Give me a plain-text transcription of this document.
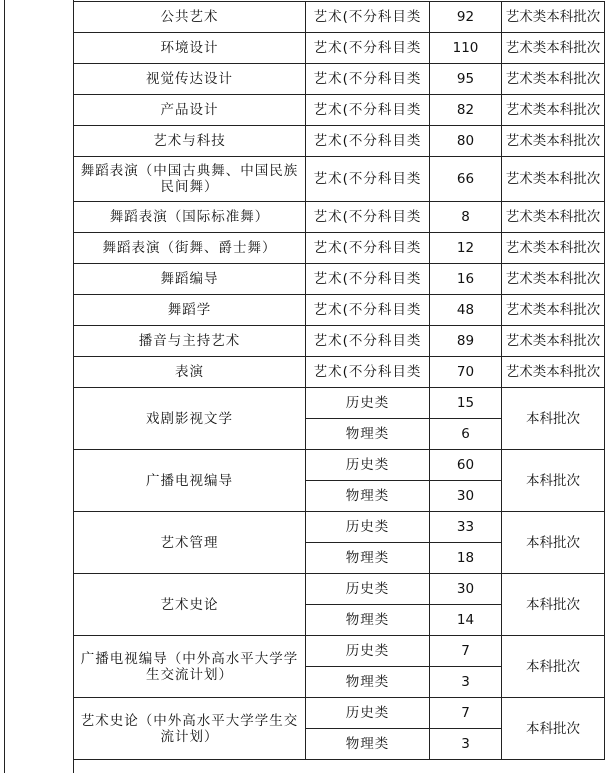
公共艺术	艺术(不分科目类	92	艺术类本科批次
环境设计	艺术(不分科目类	110	艺术类本科批次
视觉传达设计	艺术(不分科目类	95	艺术类本科批次
产品设计	艺术(不分科目类	82	艺术类本科批次
艺术与科技	艺术(不分科目类	80	艺术类本科批次
舞蹈表演（中国古典舞、中国民族民间舞）	艺术(不分科目类	66	艺术类本科批次
舞蹈表演（国际标准舞）	艺术(不分科目类	8	艺术类本科批次
舞蹈表演（街舞、爵士舞）	艺术(不分科目类	12	艺术类本科批次
舞蹈编导	艺术(不分科目类	16	艺术类本科批次
舞蹈学	艺术(不分科目类	48	艺术类本科批次
播音与主持艺术	艺术(不分科目类	89	艺术类本科批次
表演	艺术(不分科目类	70	艺术类本科批次
戏剧影视文学	历史类	15	本科批次
	物理类	6	
广播电视编导	历史类	60	本科批次
	物理类	30	
艺术管理	历史类	33	本科批次
	物理类	18	
艺术史论	历史类	30	本科批次
	物理类	14	
广播电视编导（中外高水平大学学生交流计划）	历史类	7	本科批次
	物理类	3	
艺术史论（中外高水平大学学生交流计划）	历史类	7	本科批次
	物理类	3	
